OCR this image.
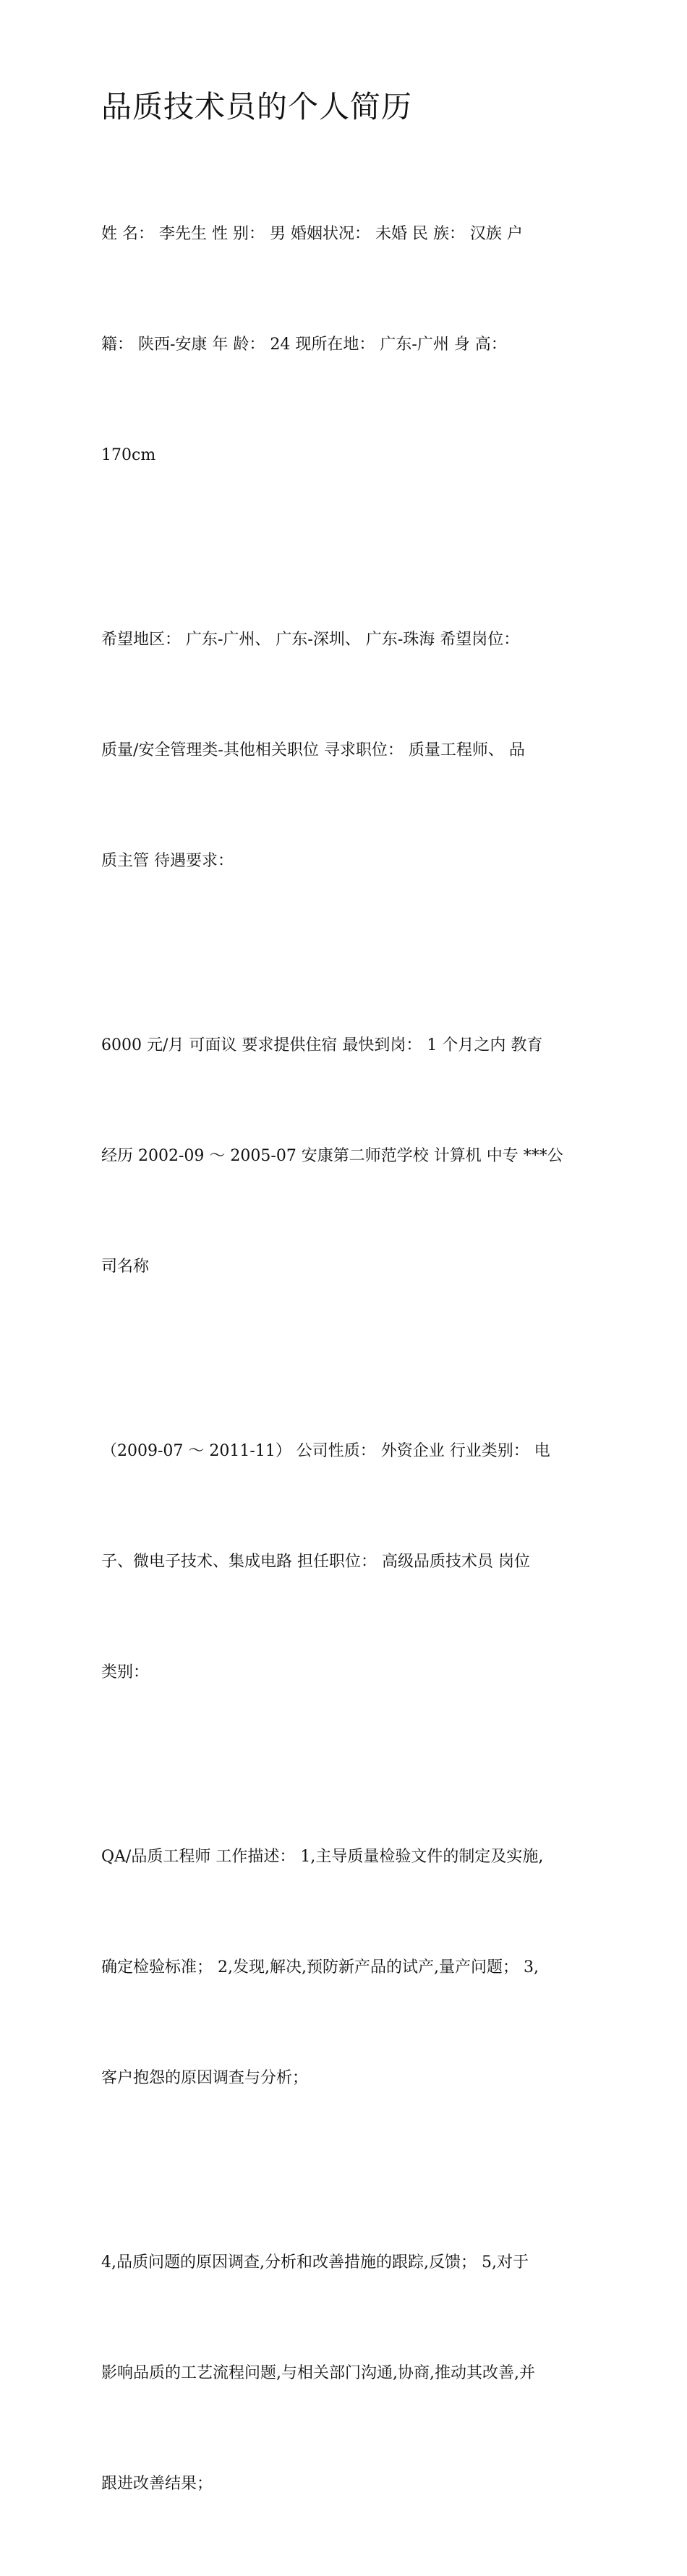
品质技术员的个人简历

姓 名： 李先生 性 别： 男 婚姻状况： 未婚 民 族： 汉族 户

籍： 陕西-安康 年 龄： 24 现所在地： 广东-广州 身 高：

170cm

希望地区： 广东-广州、 广东-深圳、 广东-珠海 希望岗位：

质量/安全管理类-其他相关职位 寻求职位： 质量工程师、 品

质主管 待遇要求：

6000 元/月 可面议 要求提供住宿 最快到岗： 1 个月之内 教育

经历 2002-09 ～ 2005-07 安康第二师范学校 计算机 中专 ***公

司名称

（2009-07 ～ 2011-11） 公司性质： 外资企业 行业类别： 电

子、微电子技术、集成电路 担任职位： 高级品质技术员 岗位

类别：

QA/品质工程师 工作描述： 1,主导质量检验文件的制定及实施,

确定检验标准； 2,发现,解决,预防新产品的试产,量产问题； 3,

客户抱怨的原因调查与分析；

4,品质问题的原因调查,分析和改善措施的跟踪,反馈； 5,对于

影响品质的工艺流程问题,与相关部门沟通,协商,推动其改善,并

跟进改善结果；
